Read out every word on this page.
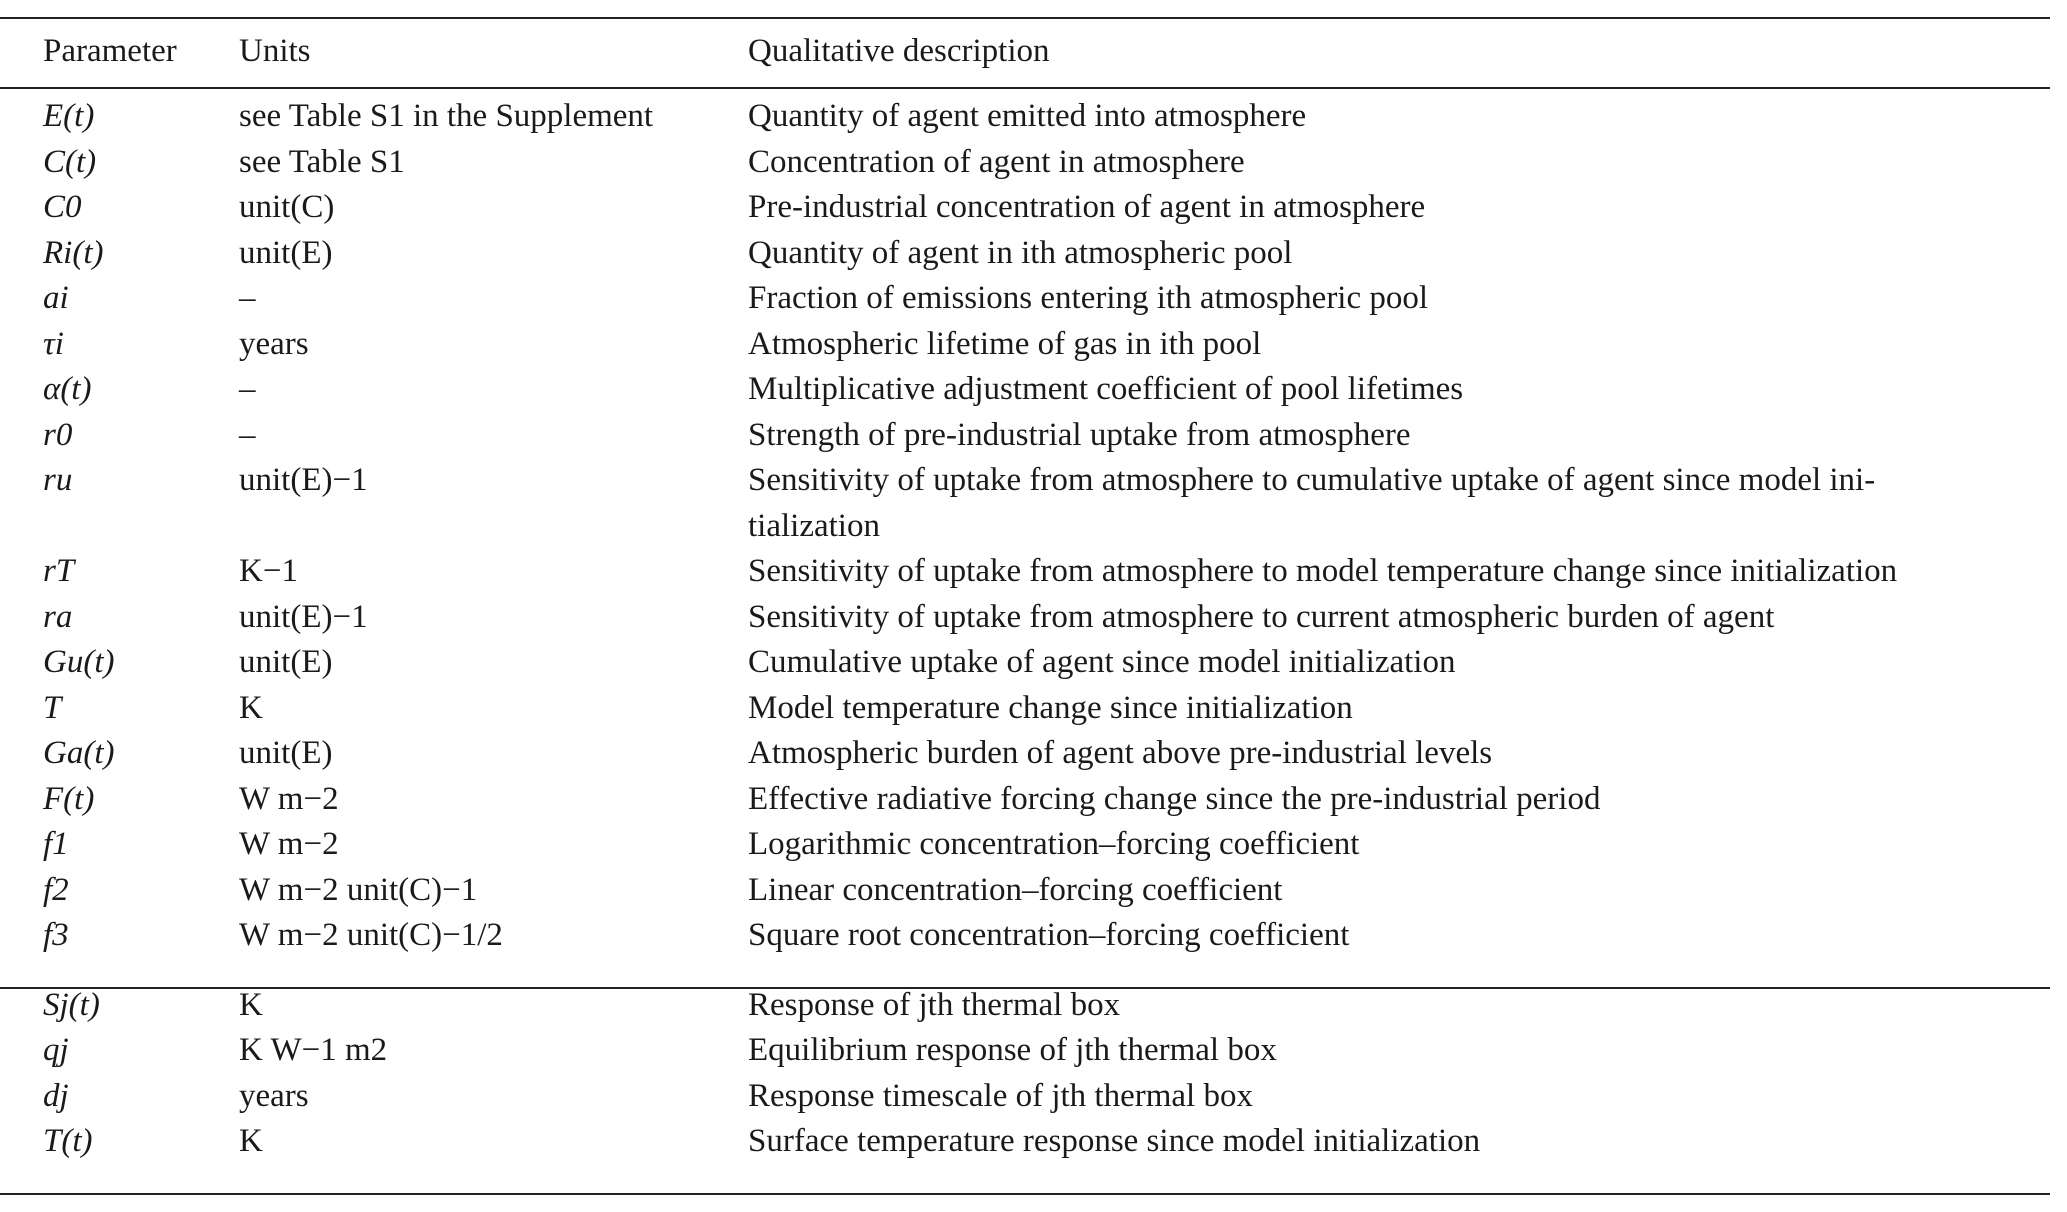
Parameter	Units	Qualitative description
E(t)	see Table S1 in the Supplement	Quantity of agent emitted into atmosphere
C(t)	see Table S1	Concentration of agent in atmosphere
C0	unit(C)	Pre-industrial concentration of agent in atmosphere
Ri(t)	unit(E)	Quantity of agent in ith atmospheric pool
ai	–	Fraction of emissions entering ith atmospheric pool
τi	years	Atmospheric lifetime of gas in ith pool
α(t)	–	Multiplicative adjustment coefficient of pool lifetimes
r0	–	Strength of pre-industrial uptake from atmosphere
ru	unit(E)−1	Sensitivity of uptake from atmosphere to cumulative uptake of agent since model ini-
		tialization
rT	K−1	Sensitivity of uptake from atmosphere to model temperature change since initialization
ra	unit(E)−1	Sensitivity of uptake from atmosphere to current atmospheric burden of agent
Gu(t)	unit(E)	Cumulative uptake of agent since model initialization
T	K	Model temperature change since initialization
Ga(t)	unit(E)	Atmospheric burden of agent above pre-industrial levels
F(t)	W m−2	Effective radiative forcing change since the pre-industrial period
f1	W m−2	Logarithmic concentration–forcing coefficient
f2	W m−2 unit(C)−1	Linear concentration–forcing coefficient
f3	W m−2 unit(C)−1/2	Square root concentration–forcing coefficient
Sj(t)	K	Response of jth thermal box
qj	K W−1 m2	Equilibrium response of jth thermal box
dj	years	Response timescale of jth thermal box
T(t)	K	Surface temperature response since model initialization
